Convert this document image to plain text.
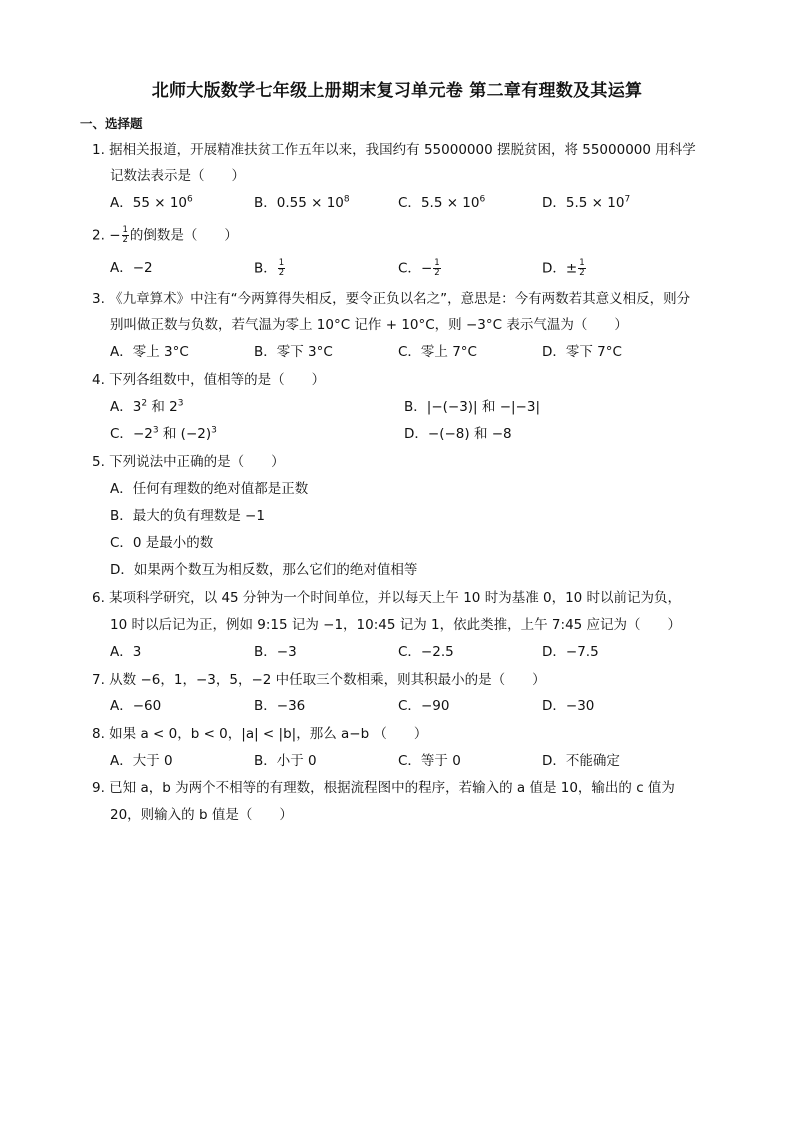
北师大版数学七年级上册期末复习单元卷 第二章有理数及其运算
一、选择题
1. 据相关报道，开展精准扶贫工作五年以来，我国约有 55000000 摆脱贫困，将 55000000 用科学
记数法表示是（　　）
A．$55 \times 10^6$	B．$0.55 \times 10^8$	C．$5.5 \times 10^6$	D．$5.5 \times 10^7$
2. − $\frac{1}{2}$ 的倒数是（　　）
A．−2	B． $\frac{1}{2}$	C．− $\frac{1}{2}$	D．± $\frac{1}{2}$
3. 《九章算术》中注有“今两算得失相反，要令正负以名之”，意思是：今有两数若其意义相反，则分
别叫做正数与负数，若气温为零上 10°C 记作 + 10°C，则 −3°C 表示气温为（　　）
A．零上 3°C	B．零下 3°C	C．零上 7°C	D．零下 7°C
4. 下列各组数中，值相等的是（　　）
A．$3^2$ 和 $2^3$	B．|−(−3)| 和 −|−3|
C．$-2^3$ 和 $(-2)^3$	D．−(−8) 和 −8
5. 下列说法中正确的是（　　）
A．任何有理数的绝对值都是正数
B．最大的负有理数是 −1
C．0 是最小的数
D．如果两个数互为相反数，那么它们的绝对值相等
6. 某项科学研究，以 45 分钟为一个时间单位，并以每天上午 10 时为基准 0，10 时以前记为负，
10 时以后记为正，例如 9:15 记为 −1，10:45 记为 1，依此类推，上午 7:45 应记为（　　）
A．3	B．−3	C．−2.5	D．−7.5
7. 从数 −6，1，−3，5，−2 中任取三个数相乘，则其积最小的是（　　）
A．−60	B．−36	C．−90	D．−30
8. 如果 a < 0，b < 0，|a| < |b|，那么 a−b （　　）
A．大于 0	B．小于 0	C．等于 0	D．不能确定
9. 已知 a，b 为两个不相等的有理数，根据流程图中的程序，若输入的 a 值是 10，输出的 c 值为
20，则输入的 b 值是（　　）
